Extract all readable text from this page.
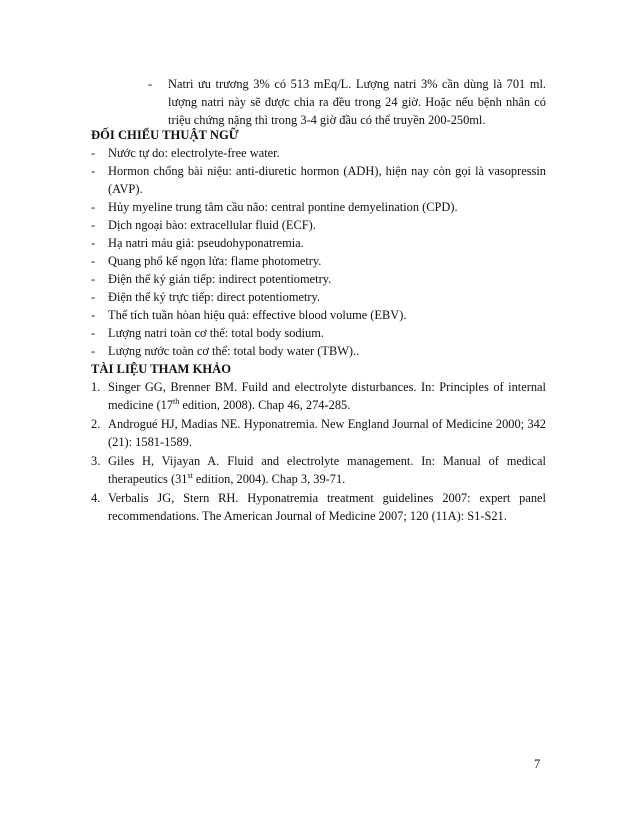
- Natri ưu trương 3% có 513 mEq/L. Lượng natri 3% cần dùng là 701 ml. lượng natri này sẽ được chia ra đều trong 24 giờ. Hoặc nếu bệnh nhân có triệu chứng nặng thì trong 3-4 giờ đầu có thể truyền 200-250ml.
ĐỐI CHIẾU THUẬT NGỮ
- Nước tự do: electrolyte-free water.
- Hormon chống bài niệu: anti-diuretic hormon (ADH), hiện nay còn gọi là vasopressin (AVP).
- Hủy myeline trung tâm cầu não: central pontine demyelination (CPD).
- Dịch ngoại bào: extracellular fluid (ECF).
- Hạ natri máu giả: pseudohyponatremia.
- Quang phổ kế ngọn lửa: flame photometry.
- Điện thế ký gián tiếp: indirect potentiometry.
- Điện thế ký trực tiếp: direct potentiometry.
- Thể tích tuần hòan hiệu quả: effective blood volume (EBV).
- Lượng natri toàn cơ thể: total body sodium.
- Lượng nước toàn cơ thể: total body water (TBW)..
TÀI LIỆU THAM KHẢO
1. Singer GG, Brenner BM. Fuild and electrolyte disturbances. In: Principles of internal medicine (17th edition, 2008). Chap 46, 274-285.
2. Androgué HJ, Madias NE. Hyponatremia. New England Journal of Medicine 2000; 342 (21): 1581-1589.
3. Giles H, Vijayan A. Fluid and electrolyte management. In: Manual of medical therapeutics (31st edition, 2004). Chap 3, 39-71.
4. Verbalis JG, Stern RH. Hyponatremia treatment guidelines 2007: expert panel recommendations. The American Journal of Medicine 2007; 120 (11A): S1-S21.
7
